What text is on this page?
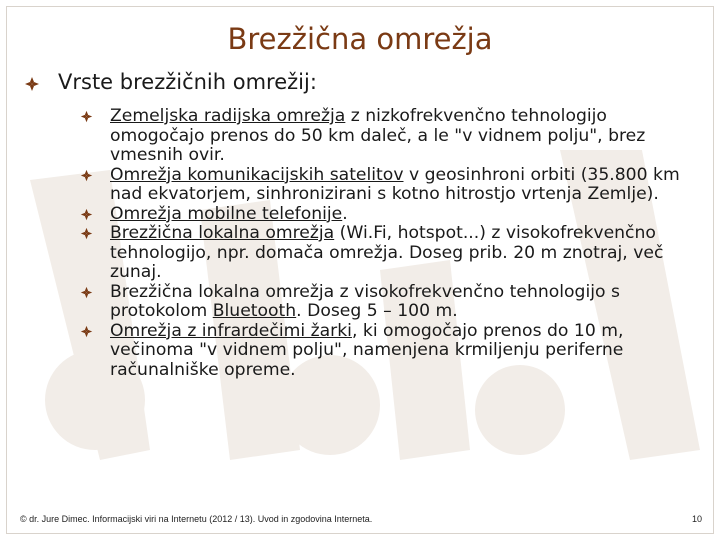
Brezžična omrežja
Vrste brezžičnih omrežij:
Zemeljska radijska omrežja z nizkofrekvenčno tehnologijo omogočajo prenos do 50 km daleč, a le "v vidnem polju", brez vmesnih ovir.
Omrežja komunikacijskih satelitov v geosinhroni orbiti (35.800 km nad ekvatorjem, sinhronizirani s kotno hitrostjo vrtenja Zemlje).
Omrežja mobilne telefonije.
Brezžična lokalna omrežja (Wi.Fi, hotspot...) z visokofrekvenčno tehnologijo, npr. domača omrežja. Doseg prib. 20 m znotraj, več zunaj.
Brezžična lokalna omrežja z visokofrekvenčno tehnologijo s protokolom Bluetooth. Doseg 5 – 100 m.
Omrežja z infrardečimi žarki, ki omogočajo prenos do 10 m, večinoma "v vidnem polju", namenjena krmiljenju periferne računalniške opreme.
© dr. Jure Dimec. Informacijski viri na Internetu (2012 / 13). Uvod in zgodovina Interneta.	10
